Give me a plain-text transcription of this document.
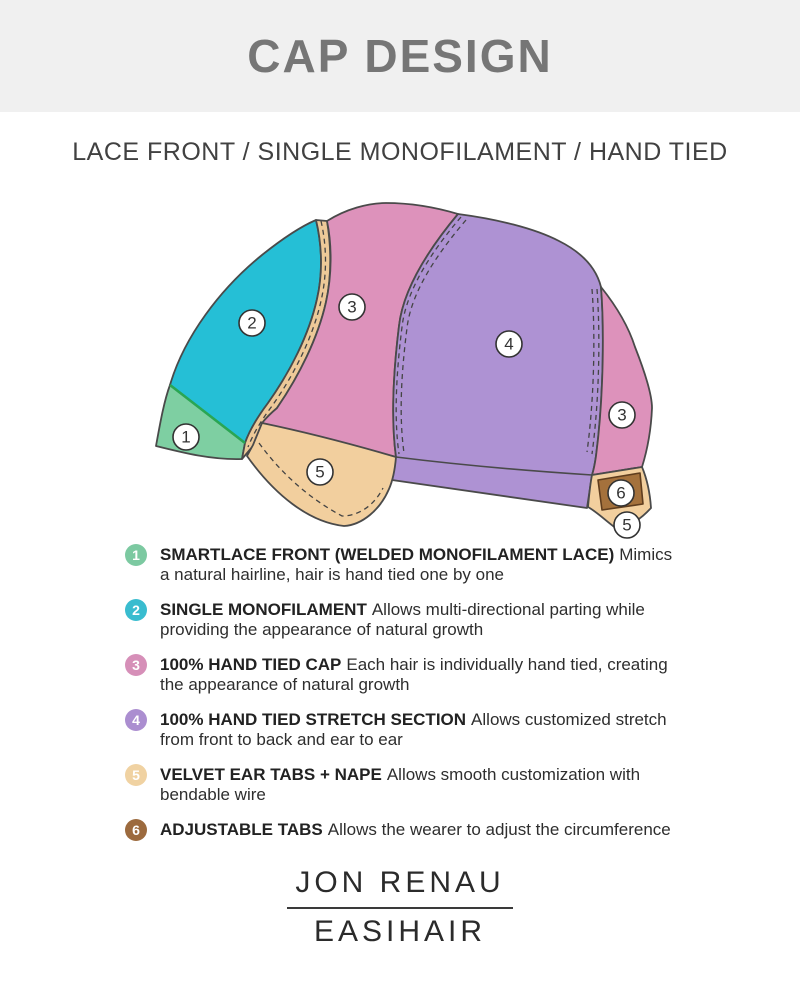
CAP DESIGN
LACE FRONT / SINGLE MONOFILAMENT / HAND TIED
1
2
3
4
3
5
6
5
1	SMARTLACE FRONT (WELDED MONOFILAMENT LACE) Mimics a natural hairline, hair is hand tied one by one
2	SINGLE MONOFILAMENT Allows multi-directional parting while providing the appearance of natural growth
3	100% HAND TIED CAP Each hair is individually hand tied, creating the appearance of natural growth
4	100% HAND TIED STRETCH SECTION Allows customized stretch from front to back and ear to ear
5	VELVET EAR TABS + NAPE Allows smooth customization with bendable wire
6	ADJUSTABLE TABS Allows the wearer to adjust the circumference
JON RENAU
EASIHAIR
